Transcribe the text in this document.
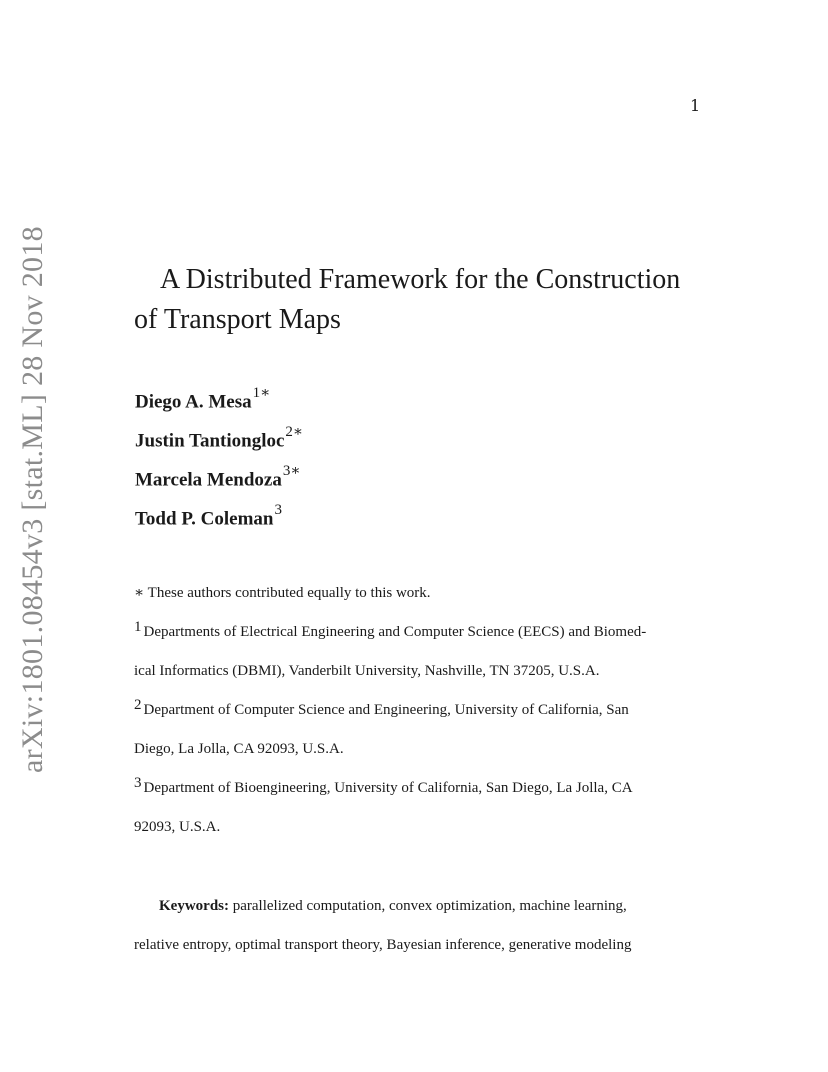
1
arXiv:1801.08454v3 [stat.ML] 28 Nov 2018	A Distributed Framework for the Construction of Transport Maps
Diego A. Mesa$^{1∗}$
Justin Tantiongloc$^{2∗}$
Marcela Mendoza$^{3∗}$
Todd P. Coleman$^3$
∗ These authors contributed equally to this work.
1 Departments of Electrical Engineering and Computer Science (EECS) and Biomed-
ical Informatics (DBMI), Vanderbilt University, Nashville, TN 37205, U.S.A.
2 Department of Computer Science and Engineering, University of California, San
Diego, La Jolla, CA 92093, U.S.A.
3 Department of Bioengineering, University of California, San Diego, La Jolla, CA
92093, U.S.A.
Keywords: parallelized computation, convex optimization, machine learning,
relative entropy, optimal transport theory, Bayesian inference, generative modeling
